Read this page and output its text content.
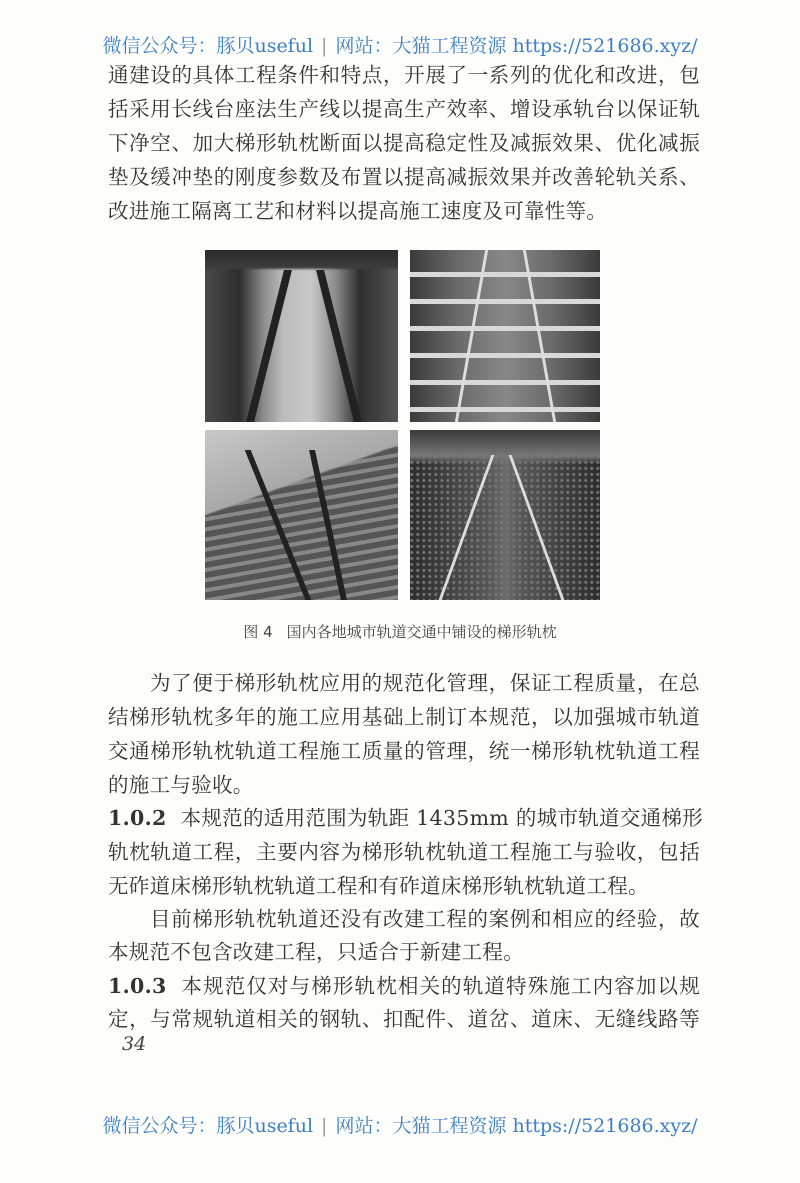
微信公众号：豚贝useful | 网站：大猫工程资源 https://521686.xyz/
通建设的具体工程条件和特点，开展了一系列的优化和改进，包
括采用长线台座法生产线以提高生产效率、增设承轨台以保证轨
下净空、加大梯形轨枕断面以提高稳定性及减振效果、优化减振
垫及缓冲垫的刚度参数及布置以提高减振效果并改善轮轨关系、
改进施工隔离工艺和材料以提高施工速度及可靠性等。
图 4 国内各地城市轨道交通中铺设的梯形轨枕
为了便于梯形轨枕应用的规范化管理，保证工程质量，在总
结梯形轨枕多年的施工应用基础上制订本规范，以加强城市轨道
交通梯形轨枕轨道工程施工质量的管理，统一梯形轨枕轨道工程
的施工与验收。
1.0.2 本规范的适用范围为轨距 1435mm 的城市轨道交通梯形
轨枕轨道工程，主要内容为梯形轨枕轨道工程施工与验收，包括
无砟道床梯形轨枕轨道工程和有砟道床梯形轨枕轨道工程。
目前梯形轨枕轨道还没有改建工程的案例和相应的经验，故
本规范不包含改建工程，只适合于新建工程。
1.0.3 本规范仅对与梯形轨枕相关的轨道特殊施工内容加以规
定，与常规轨道相关的钢轨、扣配件、道岔、道床、无缝线路等
34
微信公众号：豚贝useful | 网站：大猫工程资源 https://521686.xyz/
